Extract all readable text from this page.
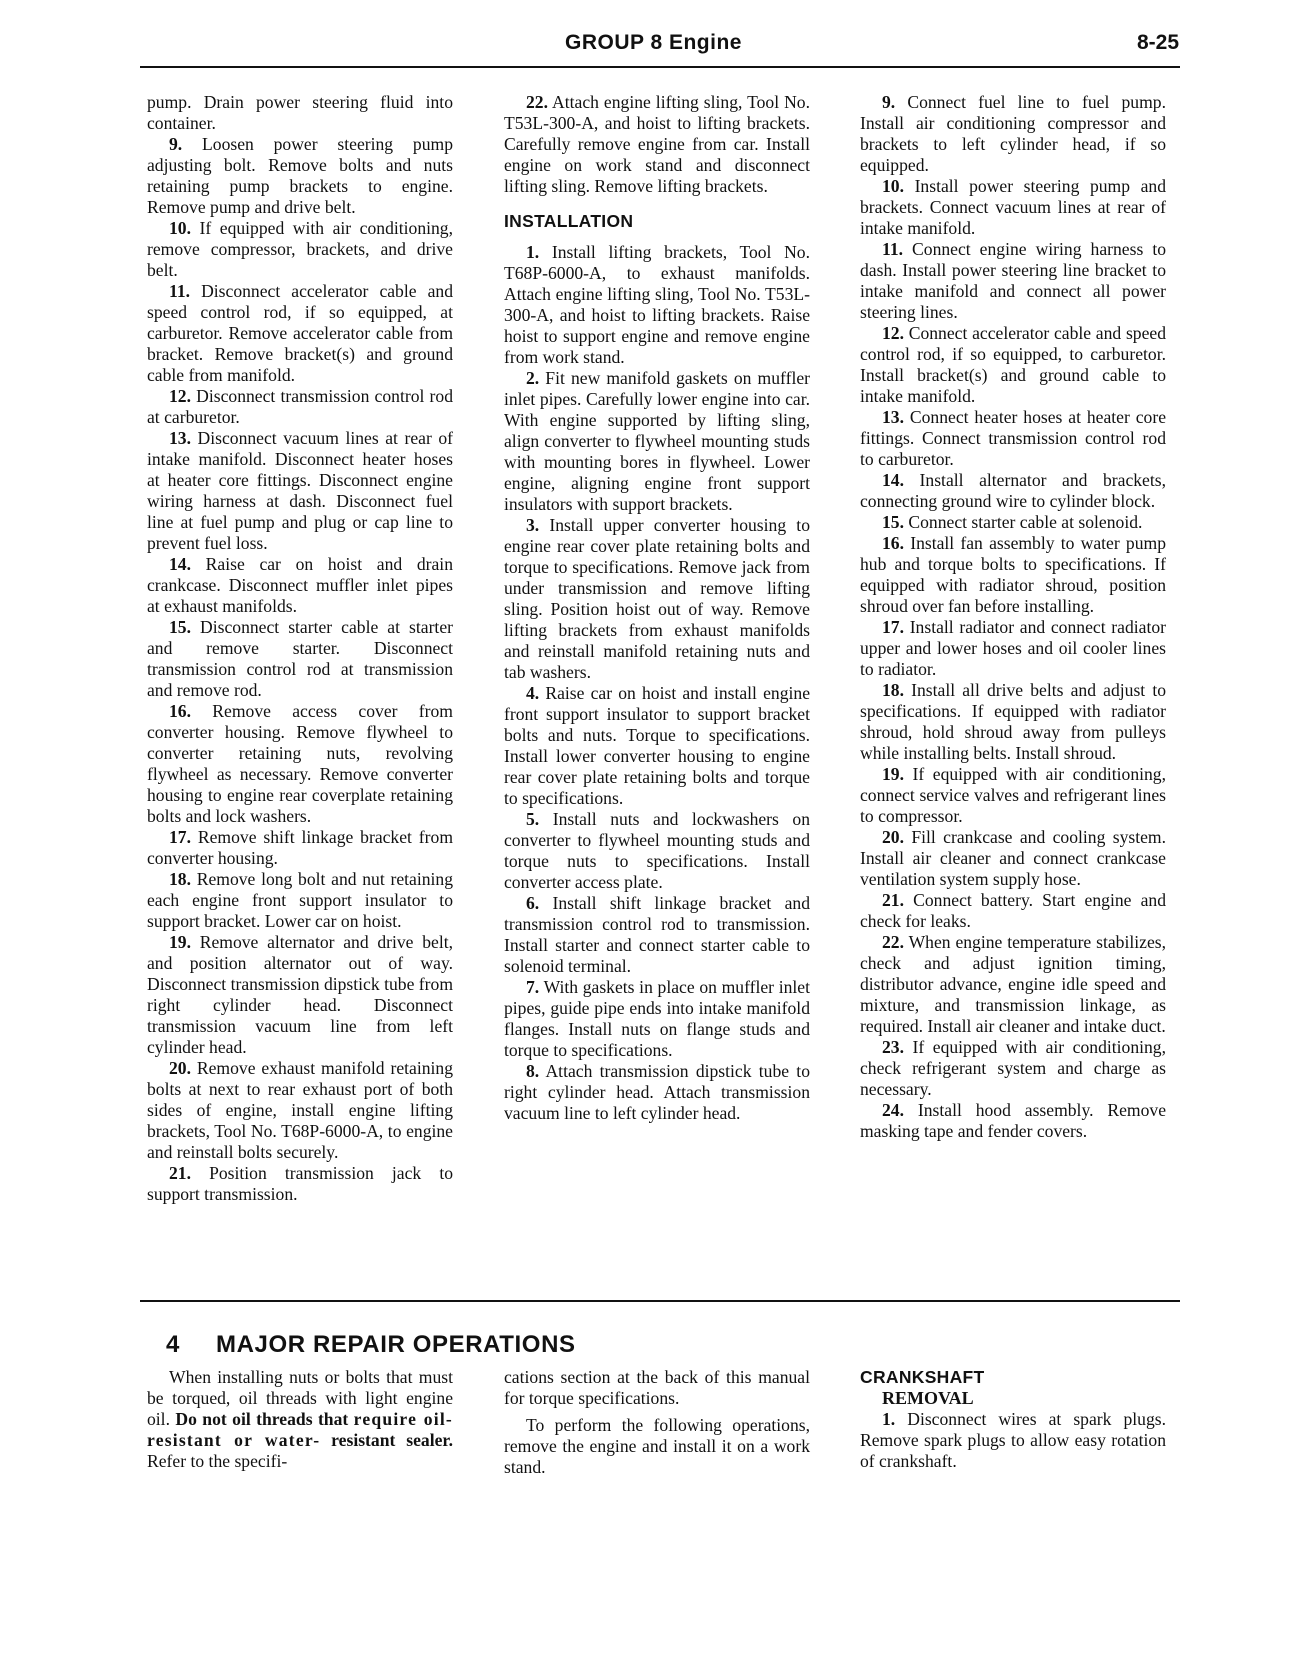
GROUP 8 Engine	8-25

pump. Drain power steering fluid into container.

9. Loosen power steering pump adjusting bolt. Remove bolts and nuts retaining pump brackets to engine. Remove pump and drive belt.

10. If equipped with air conditioning, remove compressor, brackets, and drive belt.

11. Disconnect accelerator cable and speed control rod, if so equipped, at carburetor. Remove accelerator cable from bracket. Remove bracket(s) and ground cable from manifold.

12. Disconnect transmission control rod at carburetor.

13. Disconnect vacuum lines at rear of intake manifold. Disconnect heater hoses at heater core fittings. Disconnect engine wiring harness at dash. Disconnect fuel line at fuel pump and plug or cap line to prevent fuel loss.

14. Raise car on hoist and drain crankcase. Disconnect muffler inlet pipes at exhaust manifolds.

15. Disconnect starter cable at starter and remove starter. Disconnect transmission control rod at transmission and remove rod.

16. Remove access cover from converter housing. Remove flywheel to converter retaining nuts, revolving flywheel as necessary. Remove converter housing to engine rear coverplate retaining bolts and lock washers.

17. Remove shift linkage bracket from converter housing.

18. Remove long bolt and nut retaining each engine front support insulator to support bracket. Lower car on hoist.

19. Remove alternator and drive belt, and position alternator out of way. Disconnect transmission dipstick tube from right cylinder head. Disconnect transmission vacuum line from left cylinder head.

20. Remove exhaust manifold retaining bolts at next to rear exhaust port of both sides of engine, install engine lifting brackets, Tool No. T68P-6000-A, to engine and reinstall bolts securely.

21. Position transmission jack to support transmission.

22. Attach engine lifting sling, Tool No. T53L-300-A, and hoist to lifting brackets. Carefully remove engine from car. Install engine on work stand and disconnect lifting sling. Remove lifting brackets.

INSTALLATION

1. Install lifting brackets, Tool No. T68P-6000-A, to exhaust manifolds. Attach engine lifting sling, Tool No. T53L-300-A, and hoist to lifting brackets. Raise hoist to support engine and remove engine from work stand.

2. Fit new manifold gaskets on muffler inlet pipes. Carefully lower engine into car. With engine supported by lifting sling, align converter to flywheel mounting studs with mounting bores in flywheel. Lower engine, aligning engine front support insulators with support brackets.

3. Install upper converter housing to engine rear cover plate retaining bolts and torque to specifications. Remove jack from under transmission and remove lifting sling. Position hoist out of way. Remove lifting brackets from exhaust manifolds and reinstall manifold retaining nuts and tab washers.

4. Raise car on hoist and install engine front support insulator to support bracket bolts and nuts. Torque to specifications. Install lower converter housing to engine rear cover plate retaining bolts and torque to specifications.

5. Install nuts and lockwashers on converter to flywheel mounting studs and torque nuts to specifications. Install converter access plate.

6. Install shift linkage bracket and transmission control rod to transmission. Install starter and connect starter cable to solenoid terminal.

7. With gaskets in place on muffler inlet pipes, guide pipe ends into intake manifold flanges. Install nuts on flange studs and torque to specifications.

8. Attach transmission dipstick tube to right cylinder head. Attach transmission vacuum line to left cylinder head.

9. Connect fuel line to fuel pump. Install air conditioning compressor and brackets to left cylinder head, if so equipped.

10. Install power steering pump and brackets. Connect vacuum lines at rear of intake manifold.

11. Connect engine wiring harness to dash. Install power steering line bracket to intake manifold and connect all power steering lines.

12. Connect accelerator cable and speed control rod, if so equipped, to carburetor. Install bracket(s) and ground cable to intake manifold.

13. Connect heater hoses at heater core fittings. Connect transmission control rod to carburetor.

14. Install alternator and brackets, connecting ground wire to cylinder block.

15. Connect starter cable at solenoid.

16. Install fan assembly to water pump hub and torque bolts to specifications. If equipped with radiator shroud, position shroud over fan before installing.

17. Install radiator and connect radiator upper and lower hoses and oil cooler lines to radiator.

18. Install all drive belts and adjust to specifications. If equipped with radiator shroud, hold shroud away from pulleys while installing belts. Install shroud.

19. If equipped with air conditioning, connect service valves and refrigerant lines to compressor.

20. Fill crankcase and cooling system. Install air cleaner and connect crankcase ventilation system supply hose.

21. Connect battery. Start engine and check for leaks.

22. When engine temperature stabilizes, check and adjust ignition timing, distributor advance, engine idle speed and mixture, and transmission linkage, as required. Install air cleaner and intake duct.

23. If equipped with air conditioning, check refrigerant system and charge as necessary.

24. Install hood assembly. Remove masking tape and fender covers.

4 MAJOR REPAIR OPERATIONS

When installing nuts or bolts that must be torqued, oil threads with light engine oil. Do not oil threads that require oil-resistant or water- resistant sealer. Refer to the specifi-

cations section at the back of this manual for torque specifications.

To perform the following operations, remove the engine and install it on a work stand.

CRANKSHAFT

REMOVAL

1. Disconnect wires at spark plugs. Remove spark plugs to allow easy rotation of crankshaft.
